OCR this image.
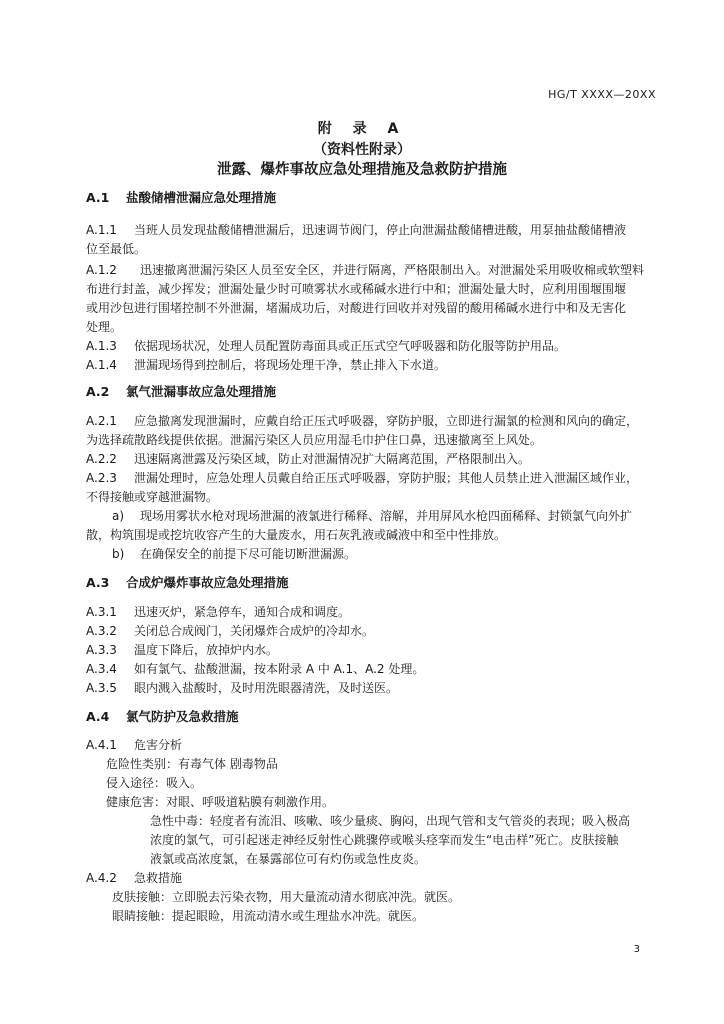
HG/T XXXX—20XX
附 录 A
（资料性附录）
泄露、爆炸事故应急处理措施及急救防护措施
A.1 盐酸储槽泄漏应急处理措施
A.1.1 当班人员发现盐酸储槽泄漏后，迅速调节阀门，停止向泄漏盐酸储槽进酸，用泵抽盐酸储槽液
位至最低。
A.1.2 迅速撤离泄漏污染区人员至安全区，并进行隔离，严格限制出入。对泄漏处采用吸收棉或软塑料
布进行封盖，减少挥发；泄漏处量少时可喷雾状水或稀碱水进行中和；泄漏处量大时，应利用围堰围堰
或用沙包进行围堵控制不外泄漏，堵漏成功后，对酸进行回收并对残留的酸用稀碱水进行中和及无害化
处理。
A.1.3 依据现场状况，处理人员配置防毒面具或正压式空气呼吸器和防化服等防护用品。
A.1.4 泄漏现场得到控制后，将现场处理干净，禁止排入下水道。
A.2 氯气泄漏事故应急处理措施
A.2.1 应急撤离发现泄漏时，应戴自给正压式呼吸器，穿防护服，立即进行漏氯的检测和风向的确定，
为选择疏散路线提供依据。泄漏污染区人员应用湿毛巾护住口鼻，迅速撤离至上风处。
A.2.2 迅速隔离泄露及污染区域，防止对泄漏情况扩大隔离范围，严格限制出入。
A.2.3 泄漏处理时，应急处理人员戴自给正压式呼吸器，穿防护服；其他人员禁止进入泄漏区域作业，
不得接触或穿越泄漏物。
a) 现场用雾状水枪对现场泄漏的液氯进行稀释、溶解，并用屏风水枪四面稀释、封锁氯气向外扩
散，构筑围堤或挖坑收容产生的大量废水，用石灰乳液或碱液中和至中性排放。
b) 在确保安全的前提下尽可能切断泄漏源。
A.3 合成炉爆炸事故应急处理措施
A.3.1 迅速灭炉，紧急停车，通知合成和调度。
A.3.2 关闭总合成阀门，关闭爆炸合成炉的冷却水。
A.3.3 温度下降后，放掉炉内水。
A.3.4 如有氯气、盐酸泄漏，按本附录 A 中 A.1、A.2 处理。
A.3.5 眼内溅入盐酸时，及时用洗眼器清洗，及时送医。
A.4 氯气防护及急救措施
A.4.1 危害分析
危险性类别：有毒气体 剧毒物品
侵入途径：吸入。
健康危害：对眼、呼吸道粘膜有刺激作用。
急性中毒：轻度者有流泪、咳嗽、咳少量痰、胸闷，出现气管和支气管炎的表现；吸入极高
浓度的氯气，可引起迷走神经反射性心跳骤停或喉头痉挛而发生“电击样”死亡。皮肤接触
液氯或高浓度氯，在暴露部位可有灼伤或急性皮炎。
A.4.2 急救措施
皮肤接触：立即脱去污染衣物，用大量流动清水彻底冲洗。就医。
眼睛接触：提起眼睑，用流动清水或生理盐水冲洗。就医。
3
